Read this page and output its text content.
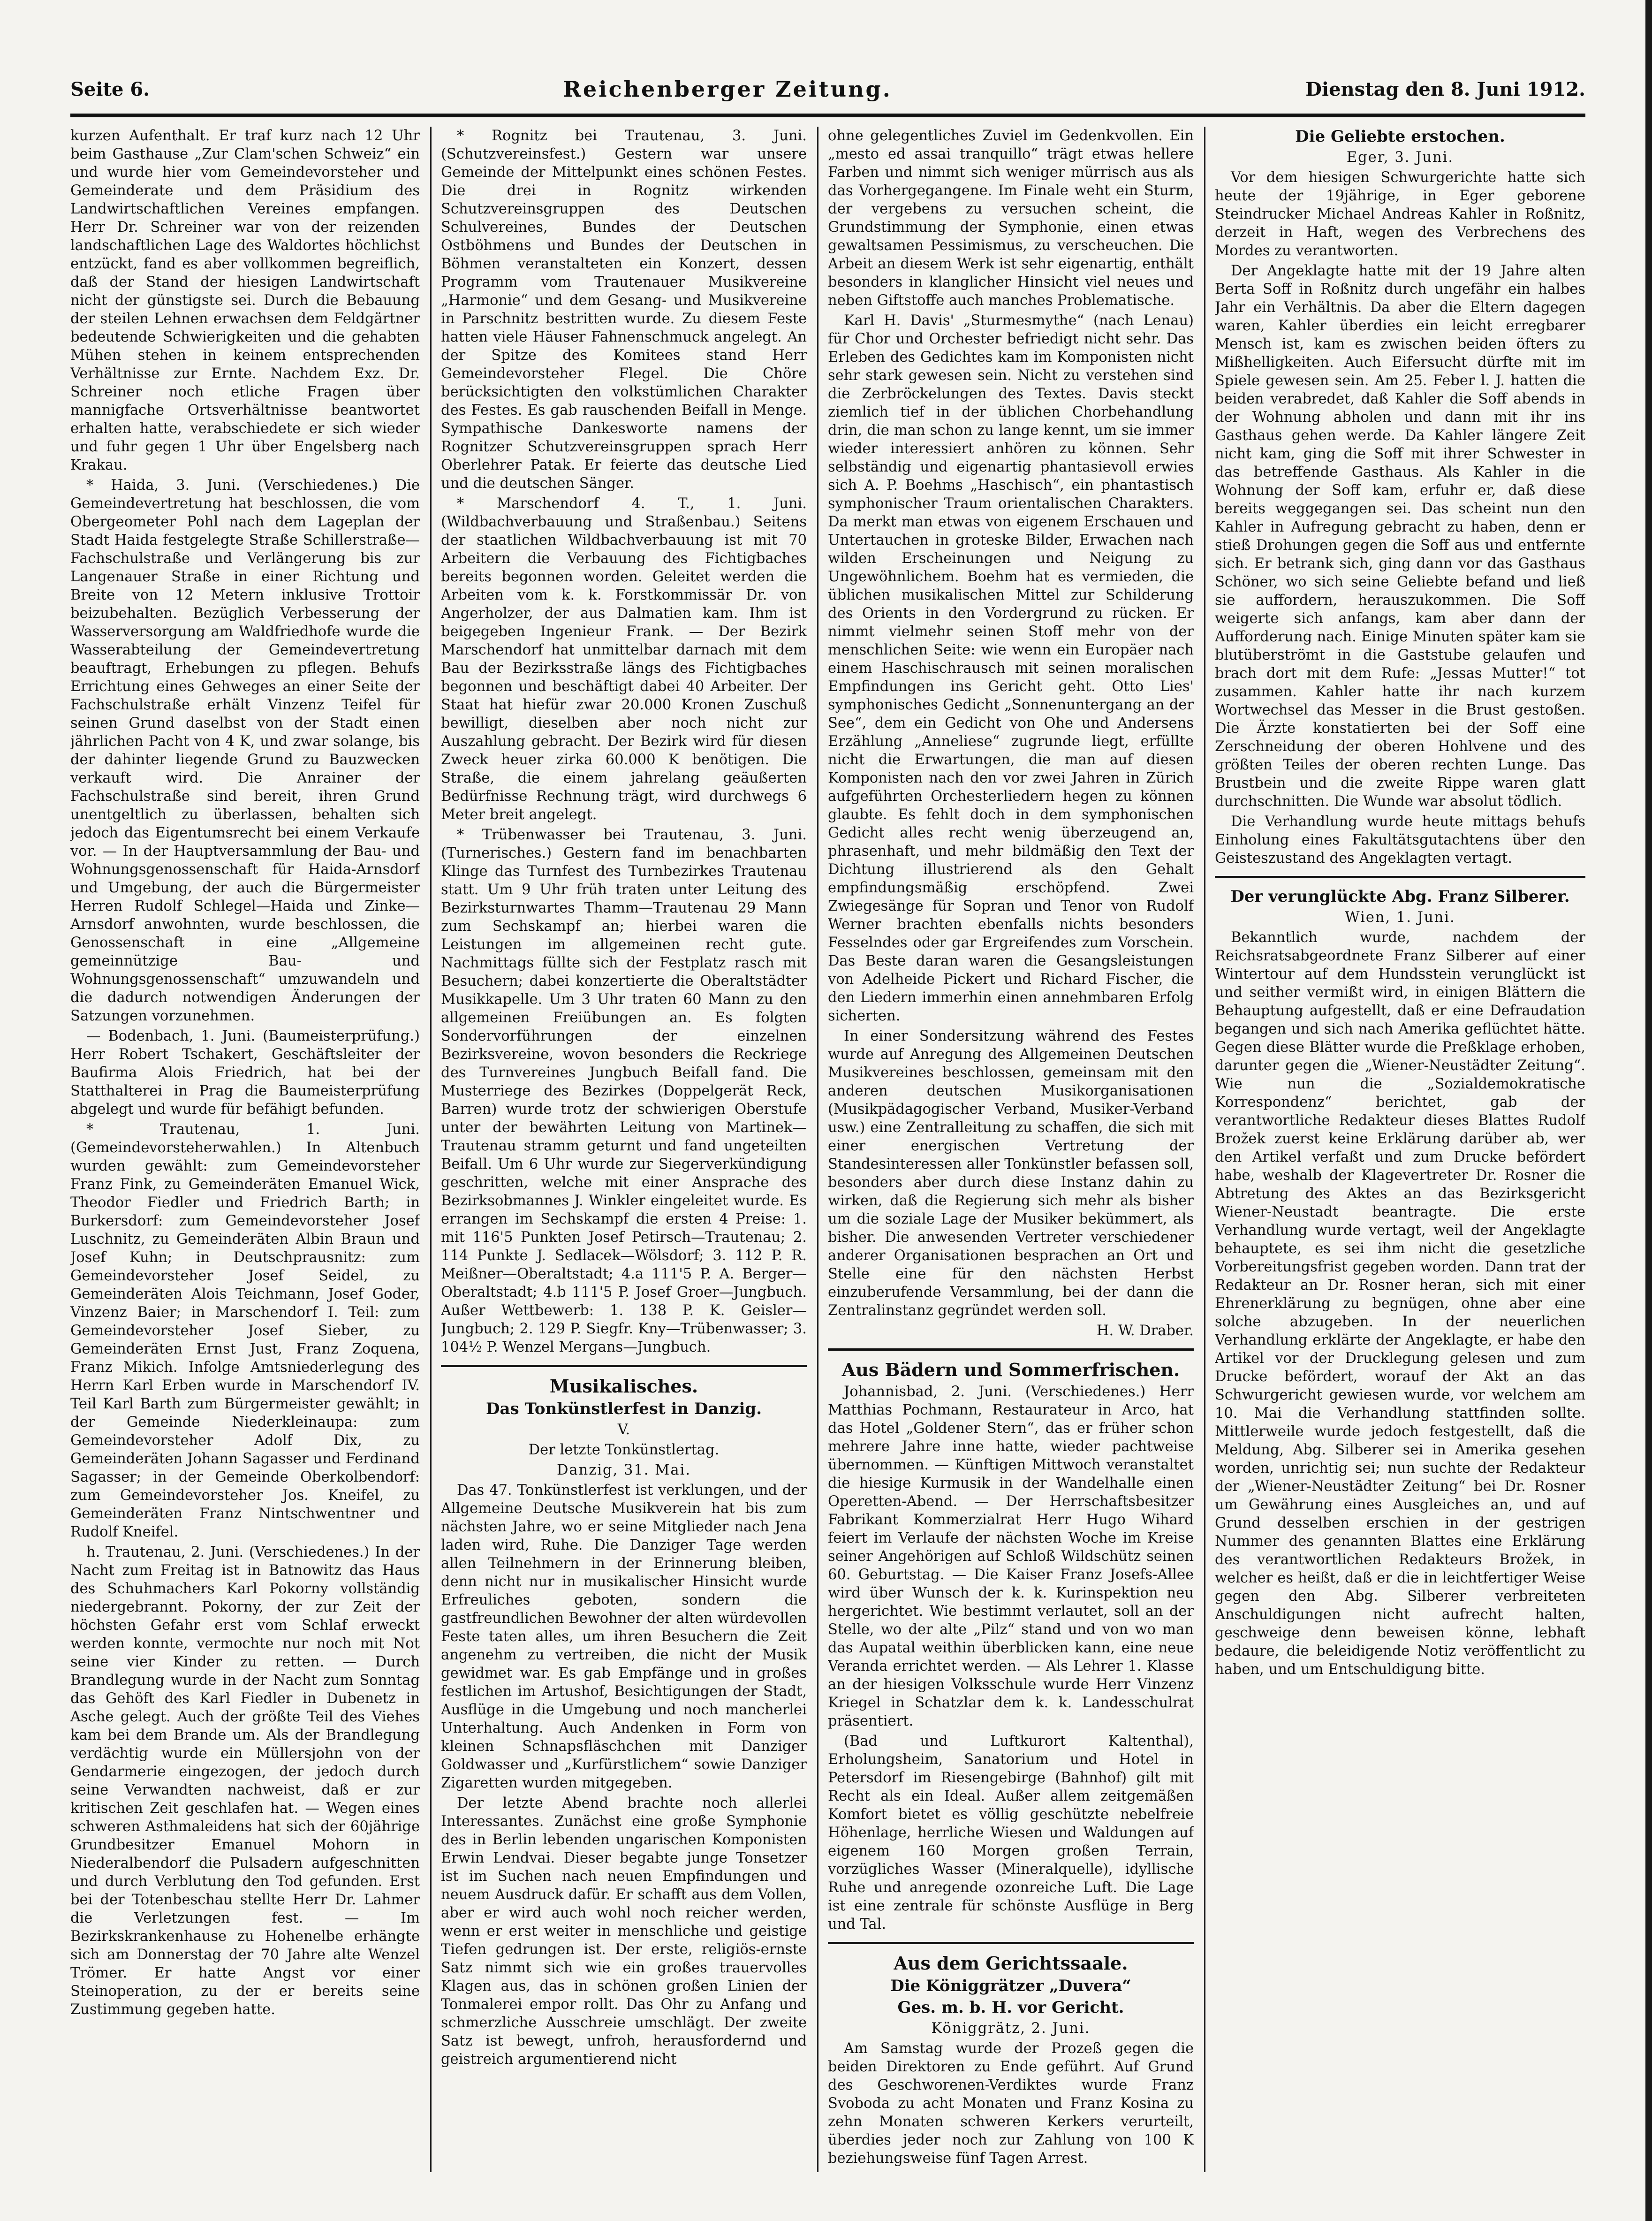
Seite 6.	Reichenberger Zeitung.	Dienstag den 8. Juni 1912.

kurzen Aufenthalt. Er traf kurz nach 12 Uhr beim Gasthause „Zur Clam'schen Schweiz“ ein und wurde hier vom Gemeindevorsteher und Gemeinderate und dem Präsidium des Landwirtschaftlichen Vereines empfangen. Herr Dr. Schreiner war von der reizenden landschaftlichen Lage des Waldortes höchlichst entzückt, fand es aber vollkommen begreiflich, daß der Stand der hiesigen Landwirtschaft nicht der günstigste sei. Durch die Bebauung der steilen Lehnen erwachsen dem Feldgärtner bedeutende Schwierigkeiten und die gehabten Mühen stehen in keinem entsprechenden Verhältnisse zur Ernte. Nachdem Exz. Dr. Schreiner noch etliche Fragen über mannigfache Ortsverhältnisse beantwortet erhalten hatte, verabschiedete er sich wieder und fuhr gegen 1 Uhr über Engelsberg nach Krakau.

* Haida, 3. Juni. (Verschiedenes.) Die Gemeindevertretung hat beschlossen, die vom Obergeometer Pohl nach dem Lageplan der Stadt Haida festgelegte Straße Schillerstraße—Fachschulstraße und Verlängerung bis zur Langenauer Straße in einer Richtung und Breite von 12 Metern inklusive Trottoir beizubehalten. Bezüglich Verbesserung der Wasserversorgung am Waldfriedhofe wurde die Wasserabteilung der Gemeindevertretung beauftragt, Erhebungen zu pflegen. Behufs Errichtung eines Gehweges an einer Seite der Fachschulstraße erhält Vinzenz Teifel für seinen Grund daselbst von der Stadt einen jährlichen Pacht von 4 K, und zwar solange, bis der dahinter liegende Grund zu Bauzwecken verkauft wird. Die Anrainer der Fachschulstraße sind bereit, ihren Grund unentgeltlich zu überlassen, behalten sich jedoch das Eigentumsrecht bei einem Verkaufe vor. — In der Hauptversammlung der Bau- und Wohnungsgenossenschaft für Haida-Arnsdorf und Umgebung, der auch die Bürgermeister Herren Rudolf Schlegel—Haida und Zinke—Arnsdorf anwohnten, wurde beschlossen, die Genossenschaft in eine „Allgemeine gemeinnützige Bau- und Wohnungsgenossenschaft“ umzuwandeln und die dadurch notwendigen Änderungen der Satzungen vorzunehmen.

— Bodenbach, 1. Juni. (Baumeisterprüfung.) Herr Robert Tschakert, Geschäftsleiter der Baufirma Alois Friedrich, hat bei der Statthalterei in Prag die Baumeisterprüfung abgelegt und wurde für befähigt befunden.

* Trautenau, 1. Juni. (Gemeindevorsteherwahlen.) In Altenbuch wurden gewählt: zum Gemeindevorsteher Franz Fink, zu Gemeinderäten Emanuel Wick, Theodor Fiedler und Friedrich Barth; in Burkersdorf: zum Gemeindevorsteher Josef Luschnitz, zu Gemeinderäten Albin Braun und Josef Kuhn; in Deutschprausnitz: zum Gemeindevorsteher Josef Seidel, zu Gemeinderäten Alois Teichmann, Josef Goder, Vinzenz Baier; in Marschendorf I. Teil: zum Gemeindevorsteher Josef Sieber, zu Gemeinderäten Ernst Just, Franz Zoquena, Franz Mikich. Infolge Amtsniederlegung des Herrn Karl Erben wurde in Marschendorf IV. Teil Karl Barth zum Bürgermeister gewählt; in der Gemeinde Niederkleinaupa: zum Gemeindevorsteher Adolf Dix, zu Gemeinderäten Johann Sagasser und Ferdinand Sagasser; in der Gemeinde Oberkolbendorf: zum Gemeindevorsteher Jos. Kneifel, zu Gemeinderäten Franz Nintschwentner und Rudolf Kneifel.

h. Trautenau, 2. Juni. (Verschiedenes.) In der Nacht zum Freitag ist in Batnowitz das Haus des Schuhmachers Karl Pokorny vollständig niedergebrannt. Pokorny, der zur Zeit der höchsten Gefahr erst vom Schlaf erweckt werden konnte, vermochte nur noch mit Not seine vier Kinder zu retten. — Durch Brandlegung wurde in der Nacht zum Sonntag das Gehöft des Karl Fiedler in Dubenetz in Asche gelegt. Auch der größte Teil des Viehes kam bei dem Brande um. Als der Brandlegung verdächtig wurde ein Müllersjohn von der Gendarmerie eingezogen, der jedoch durch seine Verwandten nachweist, daß er zur kritischen Zeit geschlafen hat. — Wegen eines schweren Asthmaleidens hat sich der 60jährige Grundbesitzer Emanuel Mohorn in Niederalbendorf die Pulsadern aufgeschnitten und durch Verblutung den Tod gefunden. Erst bei der Totenbeschau stellte Herr Dr. Lahmer die Verletzungen fest. — Im Bezirkskrankenhause zu Hohenelbe erhängte sich am Donnerstag der 70 Jahre alte Wenzel Trömer. Er hatte Angst vor einer Steinoperation, zu der er bereits seine Zustimmung gegeben hatte.

* Rognitz bei Trautenau, 3. Juni. (Schutzvereinsfest.) Gestern war unsere Gemeinde der Mittelpunkt eines schönen Festes. Die drei in Rognitz wirkenden Schutzvereinsgruppen des Deutschen Schulvereines, Bundes der Deutschen Ostböhmens und Bundes der Deutschen in Böhmen veranstalteten ein Konzert, dessen Programm vom Trautenauer Musikvereine „Harmonie“ und dem Gesang- und Musikvereine in Parschnitz bestritten wurde. Zu diesem Feste hatten viele Häuser Fahnenschmuck angelegt. An der Spitze des Komitees stand Herr Gemeindevorsteher Flegel. Die Chöre berücksichtigten den volkstümlichen Charakter des Festes. Es gab rauschenden Beifall in Menge. Sympathische Dankesworte namens der Rognitzer Schutzvereinsgruppen sprach Herr Oberlehrer Patak. Er feierte das deutsche Lied und die deutschen Sänger.

* Marschendorf 4. T., 1. Juni. (Wildbachverbauung und Straßenbau.) Seitens der staatlichen Wildbachverbauung ist mit 70 Arbeitern die Verbauung des Fichtigbaches bereits begonnen worden. Geleitet werden die Arbeiten vom k. k. Forstkommissär Dr. von Angerholzer, der aus Dalmatien kam. Ihm ist beigegeben Ingenieur Frank. — Der Bezirk Marschendorf hat unmittelbar darnach mit dem Bau der Bezirksstraße längs des Fichtigbaches begonnen und beschäftigt dabei 40 Arbeiter. Der Staat hat hiefür zwar 20.000 Kronen Zuschuß bewilligt, dieselben aber noch nicht zur Auszahlung gebracht. Der Bezirk wird für diesen Zweck heuer zirka 60.000 K benötigen. Die Straße, die einem jahrelang geäußerten Bedürfnisse Rechnung trägt, wird durchwegs 6 Meter breit angelegt.

* Trübenwasser bei Trautenau, 3. Juni. (Turnerisches.) Gestern fand im benachbarten Klinge das Turnfest des Turnbezirkes Trautenau statt. Um 9 Uhr früh traten unter Leitung des Bezirksturnwartes Thamm—Trautenau 29 Mann zum Sechskampf an; hierbei waren die Leistungen im allgemeinen recht gute. Nachmittags füllte sich der Festplatz rasch mit Besuchern; dabei konzertierte die Oberaltstädter Musikkapelle. Um 3 Uhr traten 60 Mann zu den allgemeinen Freiübungen an. Es folgten Sondervorführungen der einzelnen Bezirksvereine, wovon besonders die Reckriege des Turnvereines Jungbuch Beifall fand. Die Musterriege des Bezirkes (Doppelgerät Reck, Barren) wurde trotz der schwierigen Oberstufe unter der bewährten Leitung von Martinek—Trautenau stramm geturnt und fand ungeteilten Beifall. Um 6 Uhr wurde zur Siegerverkündigung geschritten, welche mit einer Ansprache des Bezirksobmannes J. Winkler eingeleitet wurde. Es errangen im Sechskampf die ersten 4 Preise: 1. mit 116'5 Punkten Josef Petirsch—Trautenau; 2. 114 Punkte J. Sedlacek—Wölsdorf; 3. 112 P. R. Meißner—Oberaltstadt; 4.a 111'5 P. A. Berger—Oberaltstadt; 4.b 111'5 P. Josef Groer—Jungbuch. Außer Wettbewerb: 1. 138 P. K. Geisler—Jungbuch; 2. 129 P. Siegfr. Kny—Trübenwasser; 3. 104½ P. Wenzel Mergans—Jungbuch.

Musikalisches.

Das Tonkünstlerfest in Danzig.

V.

Der letzte Tonkünstlertag.

Danzig, 31. Mai.

Das 47. Tonkünstlerfest ist verklungen, und der Allgemeine Deutsche Musikverein hat bis zum nächsten Jahre, wo er seine Mitglieder nach Jena laden wird, Ruhe. Die Danziger Tage werden allen Teilnehmern in der Erinnerung bleiben, denn nicht nur in musikalischer Hinsicht wurde Erfreuliches geboten, sondern die gastfreundlichen Bewohner der alten würdevollen Feste taten alles, um ihren Besuchern die Zeit angenehm zu vertreiben, die nicht der Musik gewidmet war. Es gab Empfänge und in großes festlichen im Artushof, Besichtigungen der Stadt, Ausflüge in die Umgebung und noch mancherlei Unterhaltung. Auch Andenken in Form von kleinen Schnapsfläschchen mit Danziger Goldwasser und „Kurfürstlichem“ sowie Danziger Zigaretten wurden mitgegeben.

Der letzte Abend brachte noch allerlei Interessantes. Zunächst eine große Symphonie des in Berlin lebenden ungarischen Komponisten Erwin Lendvai. Dieser begabte junge Tonsetzer ist im Suchen nach neuen Empfindungen und neuem Ausdruck dafür. Er schafft aus dem Vollen, aber er wird auch wohl noch reicher werden, wenn er erst weiter in menschliche und geistige Tiefen gedrungen ist. Der erste, religiös-ernste Satz nimmt sich wie ein großes trauervolles Klagen aus, das in schönen großen Linien der Tonmalerei empor rollt. Das Ohr zu Anfang und schmerzliche Ausschreie umschlägt. Der zweite Satz ist bewegt, unfroh, herausfordernd und geistreich argumentierend nicht

ohne gelegentliches Zuviel im Gedenkvollen. Ein „mesto ed assai tranquillo“ trägt etwas hellere Farben und nimmt sich weniger mürrisch aus als das Vorhergegangene. Im Finale weht ein Sturm, der vergebens zu versuchen scheint, die Grundstimmung der Symphonie, einen etwas gewaltsamen Pessimismus, zu verscheuchen. Die Arbeit an diesem Werk ist sehr eigenartig, enthält besonders in klanglicher Hinsicht viel neues und neben Giftstoffe auch manches Problematische.

Karl H. Davis' „Sturmesmythe“ (nach Lenau) für Chor und Orchester befriedigt nicht sehr. Das Erleben des Gedichtes kam im Komponisten nicht sehr stark gewesen sein. Nicht zu verstehen sind die Zerbröckelungen des Textes. Davis steckt ziemlich tief in der üblichen Chorbehandlung drin, die man schon zu lange kennt, um sie immer wieder interessiert anhören zu können. Sehr selbständig und eigenartig phantasievoll erwies sich A. P. Boehms „Haschisch“, ein phantastisch symphonischer Traum orientalischen Charakters. Da merkt man etwas von eigenem Erschauen und Untertauchen in groteske Bilder, Erwachen nach wilden Erscheinungen und Neigung zu Ungewöhnlichem. Boehm hat es vermieden, die üblichen musikalischen Mittel zur Schilderung des Orients in den Vordergrund zu rücken. Er nimmt vielmehr seinen Stoff mehr von der menschlichen Seite: wie wenn ein Europäer nach einem Haschischrausch mit seinen moralischen Empfindungen ins Gericht geht. Otto Lies' symphonisches Gedicht „Sonnenuntergang an der See“, dem ein Gedicht von Ohe und Andersens Erzählung „Anneliese“ zugrunde liegt, erfüllte nicht die Erwartungen, die man auf diesen Komponisten nach den vor zwei Jahren in Zürich aufgeführten Orchesterliedern hegen zu können glaubte. Es fehlt doch in dem symphonischen Gedicht alles recht wenig überzeugend an, phrasenhaft, und mehr bildmäßig den Text der Dichtung illustrierend als den Gehalt empfindungsmäßig erschöpfend. Zwei Zwiegesänge für Sopran und Tenor von Rudolf Werner brachten ebenfalls nichts besonders Fesselndes oder gar Ergreifendes zum Vorschein. Das Beste daran waren die Gesangsleistungen von Adelheide Pickert und Richard Fischer, die den Liedern immerhin einen annehmbaren Erfolg sicherten.

In einer Sondersitzung während des Festes wurde auf Anregung des Allgemeinen Deutschen Musikvereines beschlossen, gemeinsam mit den anderen deutschen Musikorganisationen (Musikpädagogischer Verband, Musiker-Verband usw.) eine Zentralleitung zu schaffen, die sich mit einer energischen Vertretung der Standesinteressen aller Tonkünstler befassen soll, besonders aber durch diese Instanz dahin zu wirken, daß die Regierung sich mehr als bisher um die soziale Lage der Musiker bekümmert, als bisher. Die anwesenden Vertreter verschiedener anderer Organisationen besprachen an Ort und Stelle eine für den nächsten Herbst einzuberufende Versammlung, bei der dann die Zentralinstanz gegründet werden soll.

H. W. Draber.

Aus Bädern und Sommerfrischen.

Johannisbad, 2. Juni. (Verschiedenes.) Herr Matthias Pochmann, Restaurateur in Arco, hat das Hotel „Goldener Stern“, das er früher schon mehrere Jahre inne hatte, wieder pachtweise übernommen. — Künftigen Mittwoch veranstaltet die hiesige Kurmusik in der Wandelhalle einen Operetten-Abend. — Der Herrschaftsbesitzer Fabrikant Kommerzialrat Herr Hugo Wihard feiert im Verlaufe der nächsten Woche im Kreise seiner Angehörigen auf Schloß Wildschütz seinen 60. Geburtstag. — Die Kaiser Franz Josefs-Allee wird über Wunsch der k. k. Kurinspektion neu hergerichtet. Wie bestimmt verlautet, soll an der Stelle, wo der alte „Pilz“ stand und von wo man das Aupatal weithin überblicken kann, eine neue Veranda errichtet werden. — Als Lehrer 1. Klasse an der hiesigen Volksschule wurde Herr Vinzenz Kriegel in Schatzlar dem k. k. Landesschulrat präsentiert.

(Bad und Luftkurort Kaltenthal), Erholungsheim, Sanatorium und Hotel in Petersdorf im Riesengebirge (Bahnhof) gilt mit Recht als ein Ideal. Außer allem zeitgemäßen Komfort bietet es völlig geschützte nebelfreie Höhenlage, herrliche Wiesen und Waldungen auf eigenem 160 Morgen großen Terrain, vorzügliches Wasser (Mineralquelle), idyllische Ruhe und anregende ozonreiche Luft. Die Lage ist eine zentrale für schönste Ausflüge in Berg und Tal.

Aus dem Gerichtssaale.

Die Königgrätzer „Duvera“

Ges. m. b. H. vor Gericht.

Königgrätz, 2. Juni.

Am Samstag wurde der Prozeß gegen die beiden Direktoren zu Ende geführt. Auf Grund des Geschworenen-Verdiktes wurde Franz Svoboda zu acht Monaten und Franz Kosina zu zehn Monaten schweren Kerkers verurteilt, überdies jeder noch zur Zahlung von 100 K beziehungsweise fünf Tagen Arrest.

Die Geliebte erstochen.

Eger, 3. Juni.

Vor dem hiesigen Schwurgerichte hatte sich heute der 19jährige, in Eger geborene Steindrucker Michael Andreas Kahler in Roßnitz, derzeit in Haft, wegen des Verbrechens des Mordes zu verantworten.

Der Angeklagte hatte mit der 19 Jahre alten Berta Soff in Roßnitz durch ungefähr ein halbes Jahr ein Verhältnis. Da aber die Eltern dagegen waren, Kahler überdies ein leicht erregbarer Mensch ist, kam es zwischen beiden öfters zu Mißhelligkeiten. Auch Eifersucht dürfte mit im Spiele gewesen sein. Am 25. Feber l. J. hatten die beiden verabredet, daß Kahler die Soff abends in der Wohnung abholen und dann mit ihr ins Gasthaus gehen werde. Da Kahler längere Zeit nicht kam, ging die Soff mit ihrer Schwester in das betreffende Gasthaus. Als Kahler in die Wohnung der Soff kam, erfuhr er, daß diese bereits weggegangen sei. Das scheint nun den Kahler in Aufregung gebracht zu haben, denn er stieß Drohungen gegen die Soff aus und entfernte sich. Er betrank sich, ging dann vor das Gasthaus Schöner, wo sich seine Geliebte befand und ließ sie auffordern, herauszukommen. Die Soff weigerte sich anfangs, kam aber dann der Aufforderung nach. Einige Minuten später kam sie blutüberströmt in die Gaststube gelaufen und brach dort mit dem Rufe: „Jessas Mutter!“ tot zusammen. Kahler hatte ihr nach kurzem Wortwechsel das Messer in die Brust gestoßen. Die Ärzte konstatierten bei der Soff eine Zerschneidung der oberen Hohlvene und des größten Teiles der oberen rechten Lunge. Das Brustbein und die zweite Rippe waren glatt durchschnitten. Die Wunde war absolut tödlich.

Die Verhandlung wurde heute mittags behufs Einholung eines Fakultätsgutachtens über den Geisteszustand des Angeklagten vertagt.

Der verunglückte Abg. Franz Silberer.

Wien, 1. Juni.

Bekanntlich wurde, nachdem der Reichsratsabgeordnete Franz Silberer auf einer Wintertour auf dem Hundsstein verunglückt ist und seither vermißt wird, in einigen Blättern die Behauptung aufgestellt, daß er eine Defraudation begangen und sich nach Amerika geflüchtet hätte. Gegen diese Blätter wurde die Preßklage erhoben, darunter gegen die „Wiener-Neustädter Zeitung“. Wie nun die „Sozialdemokratische Korrespondenz“ berichtet, gab der verantwortliche Redakteur dieses Blattes Rudolf Brožek zuerst keine Erklärung darüber ab, wer den Artikel verfaßt und zum Drucke befördert habe, weshalb der Klagevertreter Dr. Rosner die Abtretung des Aktes an das Bezirksgericht Wiener-Neustadt beantragte. Die erste Verhandlung wurde vertagt, weil der Angeklagte behauptete, es sei ihm nicht die gesetzliche Vorbereitungsfrist gegeben worden. Dann trat der Redakteur an Dr. Rosner heran, sich mit einer Ehrenerklärung zu begnügen, ohne aber eine solche abzugeben. In der neuerlichen Verhandlung erklärte der Angeklagte, er habe den Artikel vor der Drucklegung gelesen und zum Drucke befördert, worauf der Akt an das Schwurgericht gewiesen wurde, vor welchem am 10. Mai die Verhandlung stattfinden sollte. Mittlerweile wurde jedoch festgestellt, daß die Meldung, Abg. Silberer sei in Amerika gesehen worden, unrichtig sei; nun suchte der Redakteur der „Wiener-Neustädter Zeitung“ bei Dr. Rosner um Gewährung eines Ausgleiches an, und auf Grund desselben erschien in der gestrigen Nummer des genannten Blattes eine Erklärung des verantwortlichen Redakteurs Brožek, in welcher es heißt, daß er die in leichtfertiger Weise gegen den Abg. Silberer verbreiteten Anschuldigungen nicht aufrecht halten, geschweige denn beweisen könne, lebhaft bedaure, die beleidigende Notiz veröffentlicht zu haben, und um Entschuldigung bitte.
